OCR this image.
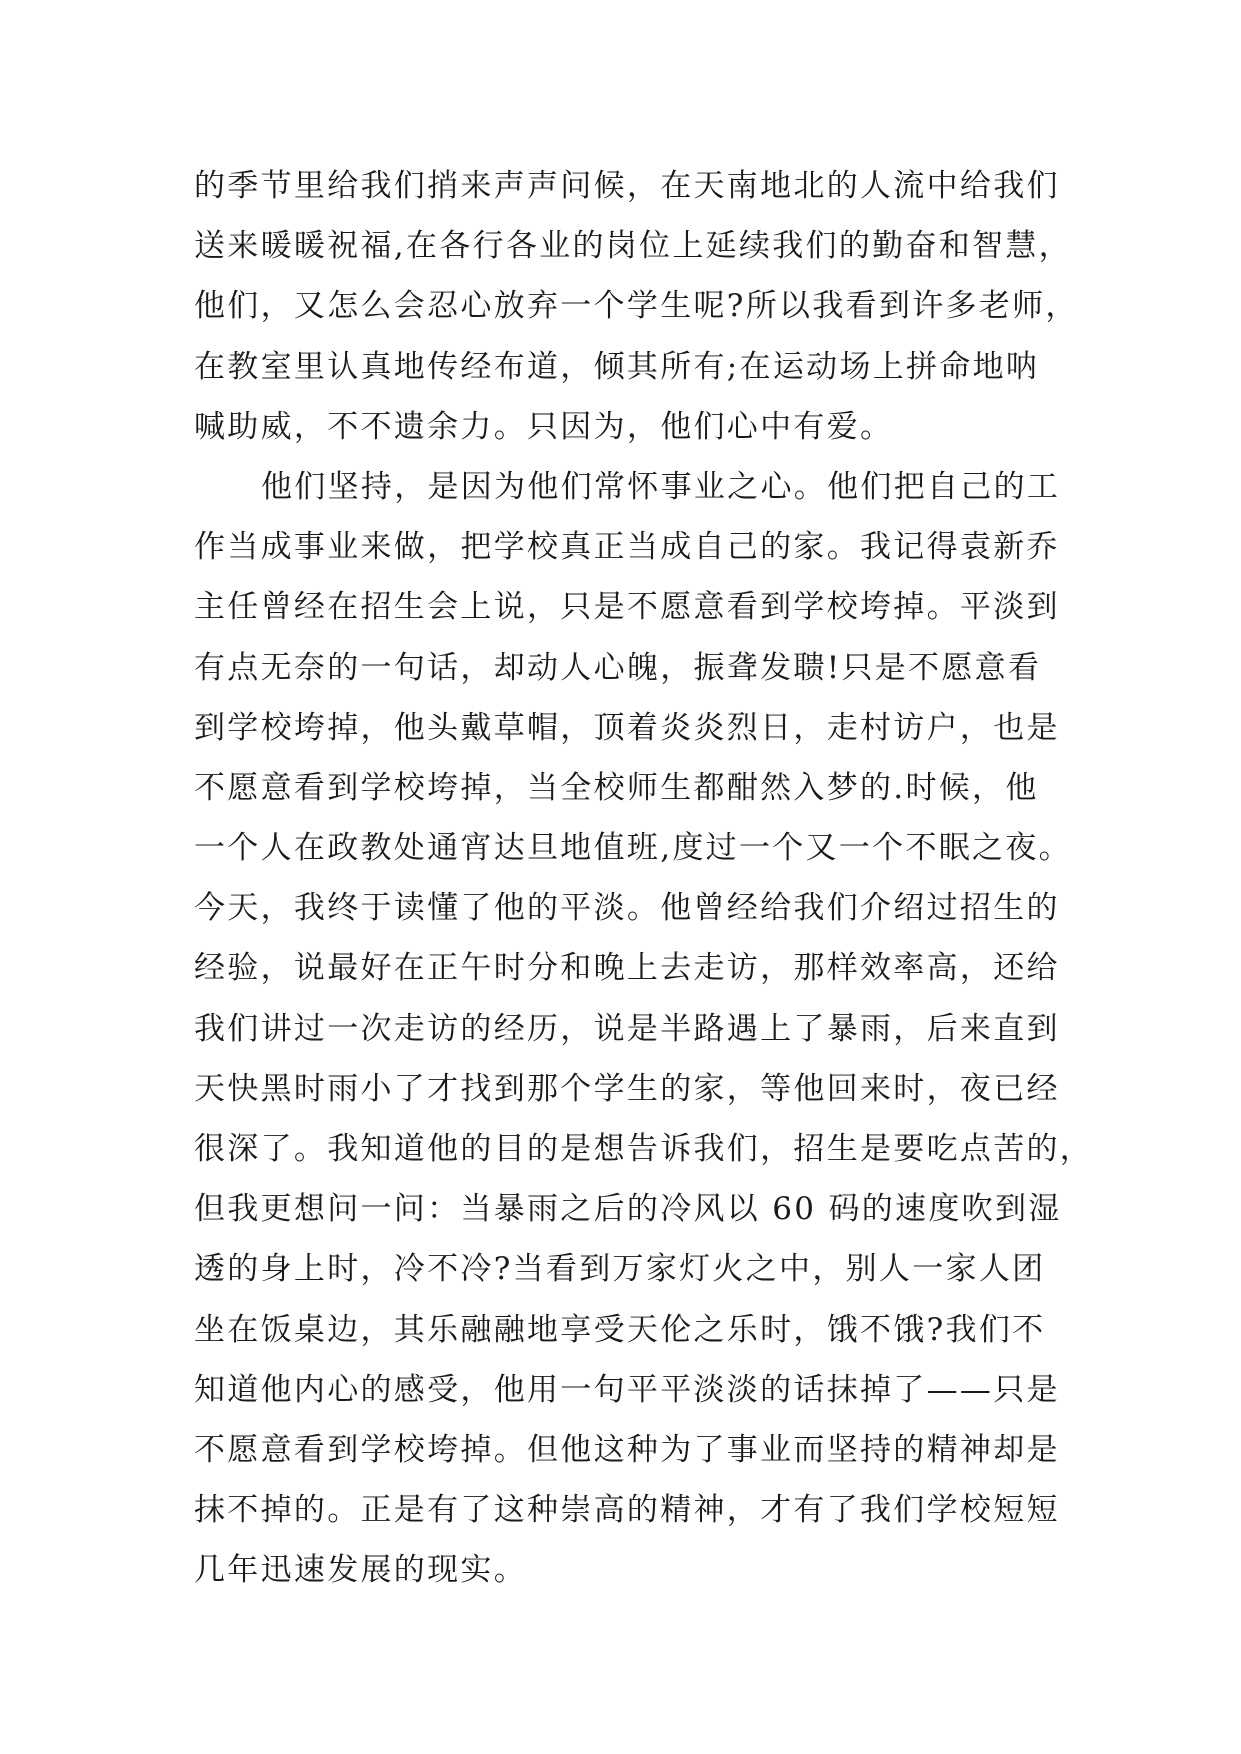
的季节里给我们捎来声声问候，在天南地北的人流中给我们
送来暖暖祝福,在各行各业的岗位上延续我们的勤奋和智慧，
他们，又怎么会忍心放弃一个学生呢?所以我看到许多老师，
在教室里认真地传经布道，倾其所有;在运动场上拼命地呐
喊助威，不不遗余力。只因为，他们心中有爱。
他们坚持，是因为他们常怀事业之心。他们把自己的工
作当成事业来做，把学校真正当成自己的家。我记得袁新乔
主任曾经在招生会上说，只是不愿意看到学校垮掉。平淡到
有点无奈的一句话，却动人心魄，振聋发聩!只是不愿意看
到学校垮掉，他头戴草帽，顶着炎炎烈日，走村访户，也是
不愿意看到学校垮掉，当全校师生都酣然入梦的.时候，他
一个人在政教处通宵达旦地值班,度过一个又一个不眠之夜。
今天，我终于读懂了他的平淡。他曾经给我们介绍过招生的
经验，说最好在正午时分和晚上去走访，那样效率高，还给
我们讲过一次走访的经历，说是半路遇上了暴雨，后来直到
天快黑时雨小了才找到那个学生的家，等他回来时，夜已经
很深了。我知道他的目的是想告诉我们，招生是要吃点苦的，
但我更想问一问：当暴雨之后的冷风以 60 码的速度吹到湿
透的身上时，冷不冷?当看到万家灯火之中，别人一家人团
坐在饭桌边，其乐融融地享受天伦之乐时，饿不饿?我们不
知道他内心的感受，他用一句平平淡淡的话抹掉了——只是
不愿意看到学校垮掉。但他这种为了事业而坚持的精神却是
抹不掉的。正是有了这种崇高的精神，才有了我们学校短短
几年迅速发展的现实。
